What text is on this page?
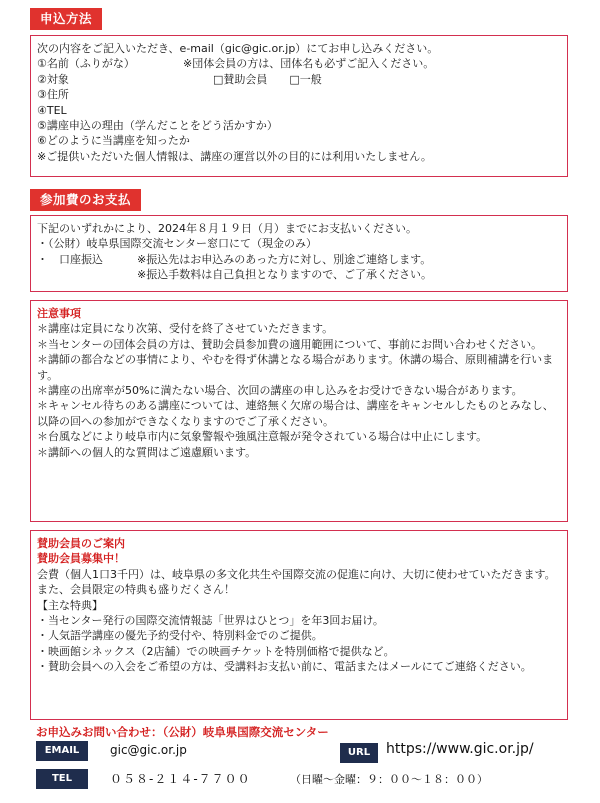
申込方法
次の内容をご記入いただき、e-mail（gic@gic.or.jp）にてお申し込みください。
①名前（ふりがな）	※団体会員の方は、団体名も必ずご記入ください。
②対象	□賛助会員　　□一般
③住所
④TEL
⑤講座申込の理由（学んだことをどう活かすか）
⑥どのように当講座を知ったか
※ご提供いただいた個人情報は、講座の運営以外の目的には利用いたしません。
参加費のお支払
下記のいずれかにより、2024年８月１９日（月）までにお支払いください。
・（公財）岐阜県国際交流センター窓口にて（現金のみ）
・　口座振込	※振込先はお申込みのあった方に対し、別途ご連絡します。
※振込手数料は自己負担となりますので、ご了承ください。
注意事項
＊講座は定員になり次第、受付を終了させていただきます。
＊当センターの団体会員の方は、賛助会員参加費の適用範囲について、事前にお問い合わせください。
＊講師の都合などの事情により、やむを得ず休講となる場合があります。休講の場合、原則補講を行います。
＊講座の出席率が50%に満たない場合、次回の講座の申し込みをお受けできない場合があります。
＊キャンセル待ちのある講座については、連絡無く欠席の場合は、講座をキャンセルしたものとみなし、以降の回への参加ができなくなりますのでご了承ください。
＊台風などにより岐阜市内に気象警報や強風注意報が発令されている場合は中止にします。
＊講師への個人的な質問はご遠慮願います。
賛助会員のご案内
賛助会員募集中！
会費（個人1口3千円）は、岐阜県の多文化共生や国際交流の促進に向け、大切に使わせていただきます。
また、会員限定の特典も盛りだくさん！
【主な特典】
・当センター発行の国際交流情報誌「世界はひとつ」を年3回お届け。
・人気語学講座の優先予約受付や、特別料金でのご提供。
・映画館シネックス（2店舗）での映画チケットを特別価格で提供など。
・賛助会員への入会をご希望の方は、受講料お支払い前に、電話またはメールにてご連絡ください。
お申込みお問い合わせ：（公財）岐阜県国際交流センター
EMAIL	gic@gic.or.jp	URL	https://www.gic.or.jp/
TEL	０５８-２１４-７７００	（日曜～金曜：９：００～１８：００）
